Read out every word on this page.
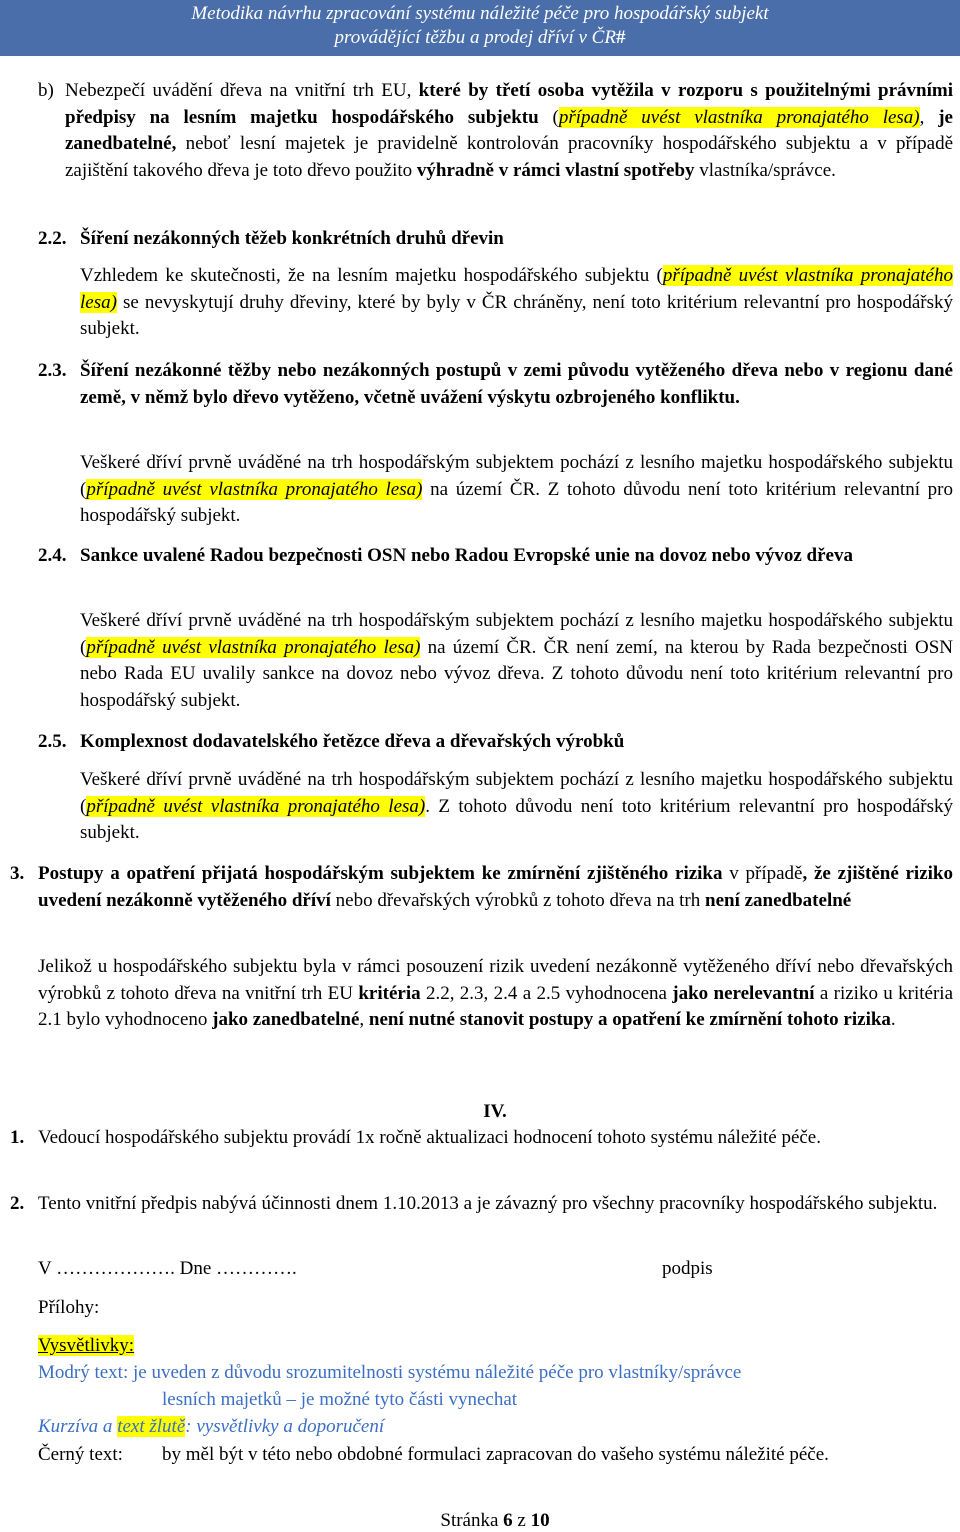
Metodika návrhu zpracování systému náležité péče pro hospodářský subjekt
provádějící těžbu a prodej dříví v ČR#
b) Nebezpečí uvádění dřeva na vnitřní trh EU, které by třetí osoba vytěžila v rozporu s použitelnými právními předpisy na lesním majetku hospodářského subjektu (případně uvést vlastníka pronajatého lesa), je zanedbatelné, neboť lesní majetek je pravidelně kontrolován pracovníky hospodářského subjektu a v případě zajištění takového dřeva je toto dřevo použito výhradně v rámci vlastní spotřeby vlastníka/správce.
2.2. Šíření nezákonných těžeb konkrétních druhů dřevin
Vzhledem ke skutečnosti, že na lesním majetku hospodářského subjektu (případně uvést vlastníka pronajatého lesa) se nevyskytují druhy dřeviny, které by byly v ČR chráněny, není toto kritérium relevantní pro hospodářský subjekt.
2.3. Šíření nezákonné těžby nebo nezákonných postupů v zemi původu vytěženého dřeva nebo v regionu dané země, v němž bylo dřevo vytěženo, včetně uvážení výskytu ozbrojeného konfliktu.
Veškeré dříví prvně uváděné na trh hospodářským subjektem pochází z lesního majetku hospodářského subjektu (případně uvést vlastníka pronajatého lesa) na území ČR. Z tohoto důvodu není toto kritérium relevantní pro hospodářský subjekt.
2.4. Sankce uvalené Radou bezpečnosti OSN nebo Radou Evropské unie na dovoz nebo vývoz dřeva
Veškeré dříví prvně uváděné na trh hospodářským subjektem pochází z lesního majetku hospodářského subjektu (případně uvést vlastníka pronajatého lesa) na území ČR. ČR není zemí, na kterou by Rada bezpečnosti OSN nebo Rada EU uvalily sankce na dovoz nebo vývoz dřeva. Z tohoto důvodu není toto kritérium relevantní pro hospodářský subjekt.
2.5. Komplexnost dodavatelského řetězce dřeva a dřevařských výrobků
Veškeré dříví prvně uváděné na trh hospodářským subjektem pochází z lesního majetku hospodářského subjektu (případně uvést vlastníka pronajatého lesa). Z tohoto důvodu není toto kritérium relevantní pro hospodářský subjekt.
3. Postupy a opatření přijatá hospodářským subjektem ke zmírnění zjištěného rizika v případě, že zjištěné riziko uvedení nezákonně vytěženého dříví nebo dřevařských výrobků z tohoto dřeva na trh není zanedbatelné
Jelikož u hospodářského subjektu byla v rámci posouzení rizik uvedení nezákonně vytěženého dříví nebo dřevařských výrobků z tohoto dřeva na vnitřní trh EU kritéria 2.2, 2.3, 2.4 a 2.5 vyhodnocena jako nerelevantní a riziko u kritéria 2.1 bylo vyhodnoceno jako zanedbatelné, není nutné stanovit postupy a opatření ke zmírnění tohoto rizika.
IV.
1. Vedoucí hospodářského subjektu provádí 1x ročně aktualizaci hodnocení tohoto systému náležité péče.
2. Tento vnitřní předpis nabývá účinnosti dnem 1.10.2013 a je závazný pro všechny pracovníky hospodářského subjektu.
V ………………. Dne ………….	podpis
Přílohy:
Vysvětlivky:
Modrý text: je uveden z důvodu srozumitelnosti systému náležité péče pro vlastníky/správce
lesních majetků – je možné tyto části vynechat
Kurzíva a text žlutě: vysvětlivky a doporučení
Černý text: by měl být v této nebo obdobné formulaci zapracovan do vašeho systému náležité péče.
Stránka 6 z 10
